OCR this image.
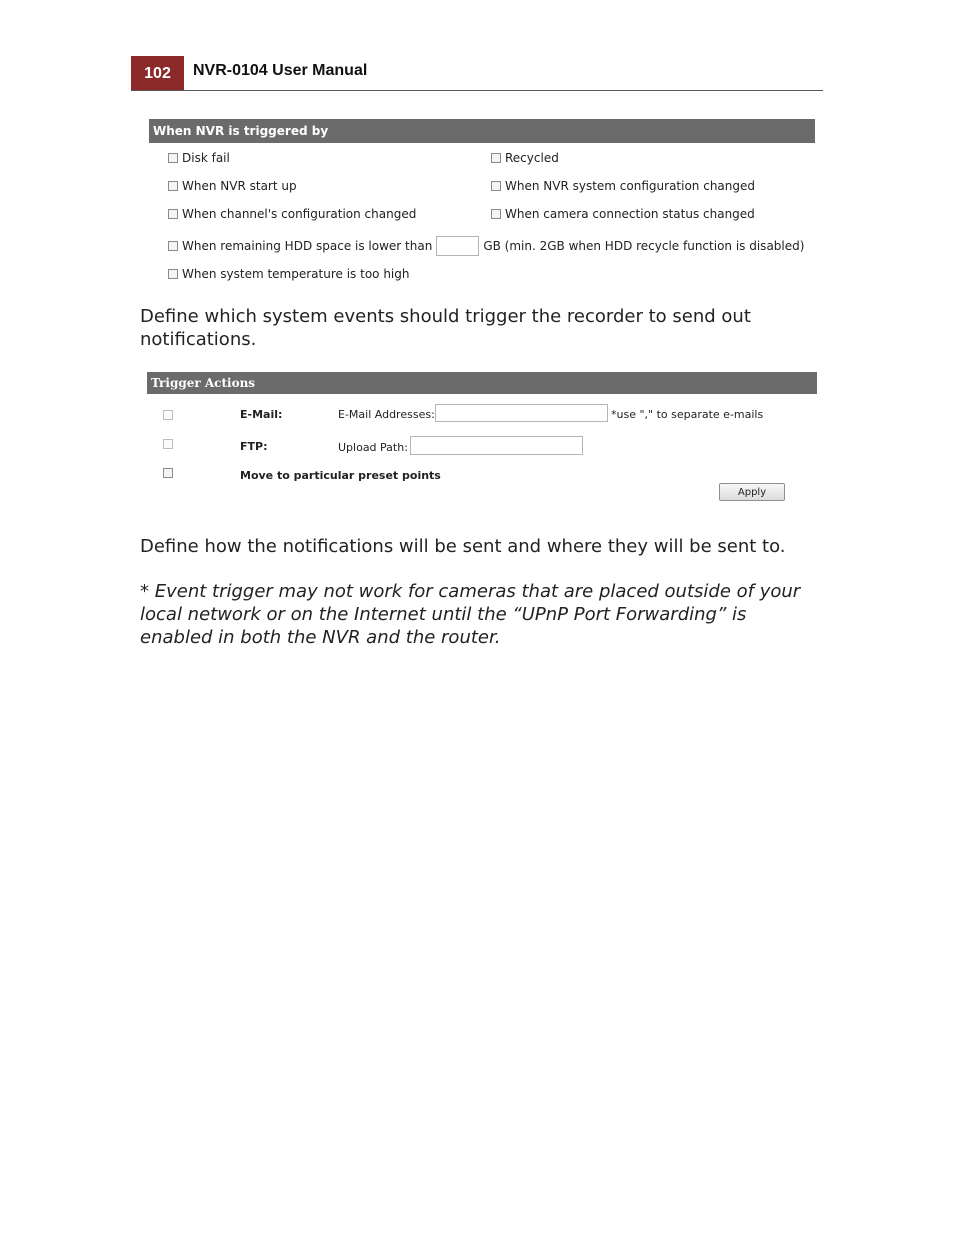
102	NVR-0104 User Manual
When NVR is triggered by
Disk fail	Recycled
When NVR start up	When NVR system configuration changed
When channel's configuration changed	When camera connection status changed
When remaining HDD space is lower than	GB (min. 2GB when HDD recycle function is disabled)
When system temperature is too high
Define which system events should trigger the recorder to send out notifications.
Trigger Actions
E-Mail:	E-Mail Addresses:	*use "," to separate e-mails
FTP:	Upload Path:
Move to particular preset points
Apply
Define how the notifications will be sent and where they will be sent to.
* Event trigger may not work for cameras that are placed outside of your local network or on the Internet until the “UPnP Port Forwarding” is enabled in both the NVR and the router.
